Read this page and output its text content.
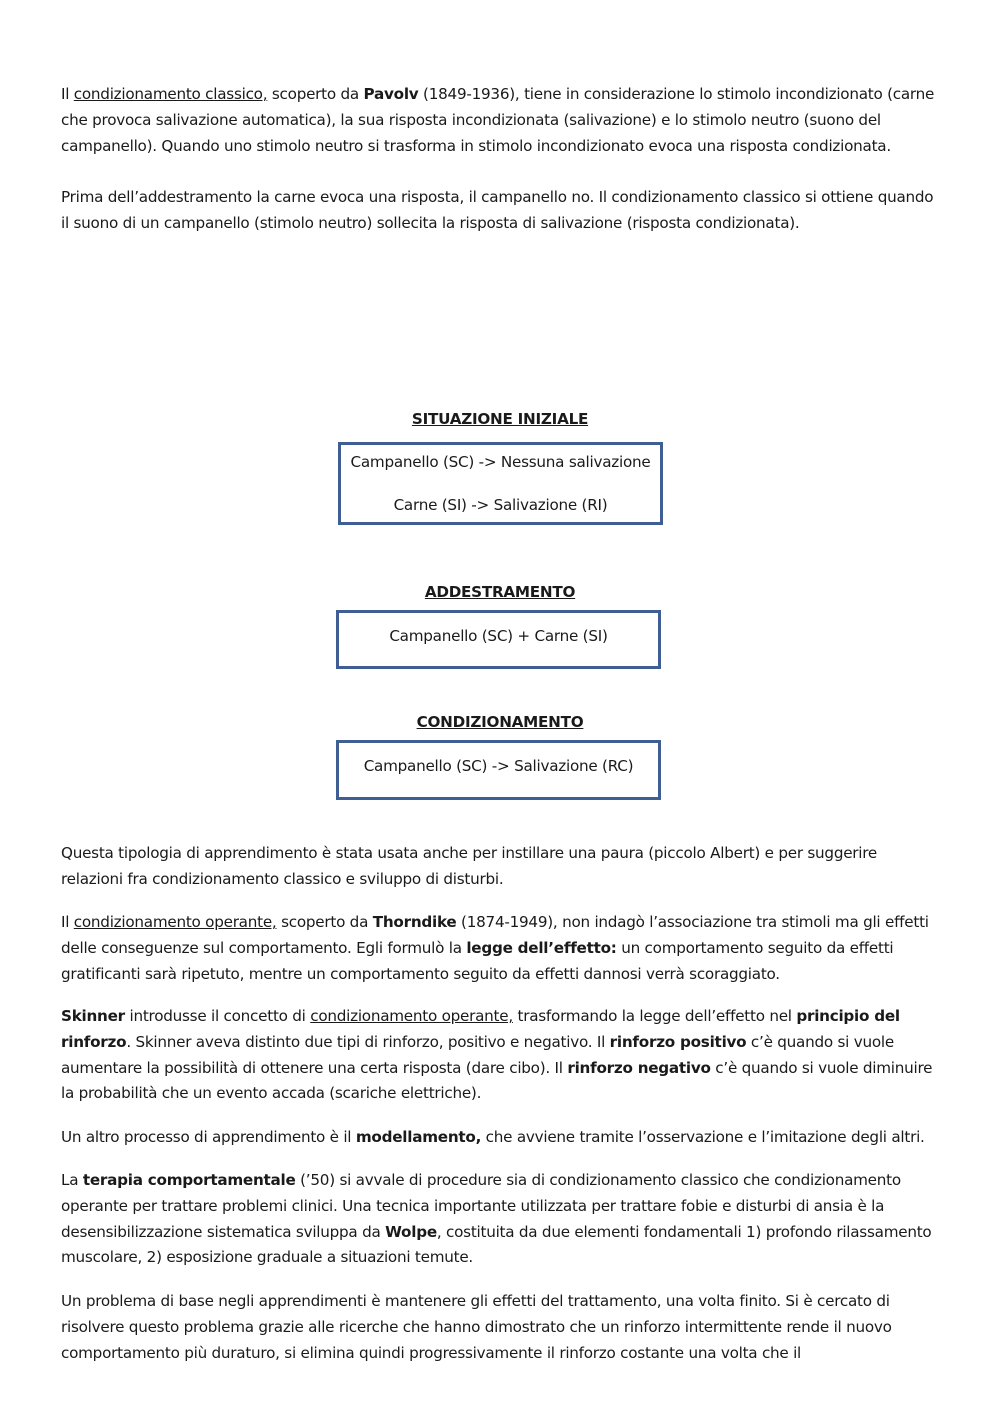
Il condizionamento classico, scoperto da Pavolv (1849-1936), tiene in considerazione lo stimolo incondizionato (carne che provoca salivazione automatica), la sua risposta incondizionata (salivazione) e lo stimolo neutro (suono del campanello). Quando uno stimolo neutro si trasforma in stimolo incondizionato evoca una risposta condizionata.

Prima dell’addestramento la carne evoca una risposta, il campanello no. Il condizionamento classico si ottiene quando il suono di un campanello (stimolo neutro) sollecita la risposta di salivazione (risposta condizionata).

SITUAZIONE INIZIALE
Campanello (SC) -> Nessuna salivazione
Carne (SI) -> Salivazione (RI)
ADDESTRAMENTO
Campanello (SC) + Carne (SI)
CONDIZIONAMENTO
Campanello (SC) -> Salivazione (RC)

Questa tipologia di apprendimento è stata usata anche per instillare una paura (piccolo Albert) e per suggerire relazioni fra condizionamento classico e sviluppo di disturbi.

Il condizionamento operante, scoperto da Thorndike (1874-1949), non indagò l’associazione tra stimoli ma gli effetti delle conseguenze sul comportamento. Egli formulò la legge dell’effetto: un comportamento seguito da effetti gratificanti sarà ripetuto, mentre un comportamento seguito da effetti dannosi verrà scoraggiato.

Skinner introdusse il concetto di condizionamento operante, trasformando la legge dell’effetto nel principio del rinforzo. Skinner aveva distinto due tipi di rinforzo, positivo e negativo. Il rinforzo positivo c’è quando si vuole aumentare la possibilità di ottenere una certa risposta (dare cibo). Il rinforzo negativo c’è quando si vuole diminuire la probabilità che un evento accada (scariche elettriche).

Un altro processo di apprendimento è il modellamento, che avviene tramite l’osservazione e l’imitazione degli altri.

La terapia comportamentale (’50) si avvale di procedure sia di condizionamento classico che condizionamento operante per trattare problemi clinici. Una tecnica importante utilizzata per trattare fobie e disturbi di ansia è la desensibilizzazione sistematica sviluppa da Wolpe, costituita da due elementi fondamentali 1) profondo rilassamento muscolare, 2) esposizione graduale a situazioni temute.

Un problema di base negli apprendimenti è mantenere gli effetti del trattamento, una volta finito. Si è cercato di risolvere questo problema grazie alle ricerche che hanno dimostrato che un rinforzo intermittente rende il nuovo comportamento più duraturo, si elimina quindi progressivamente il rinforzo costante una volta che il
